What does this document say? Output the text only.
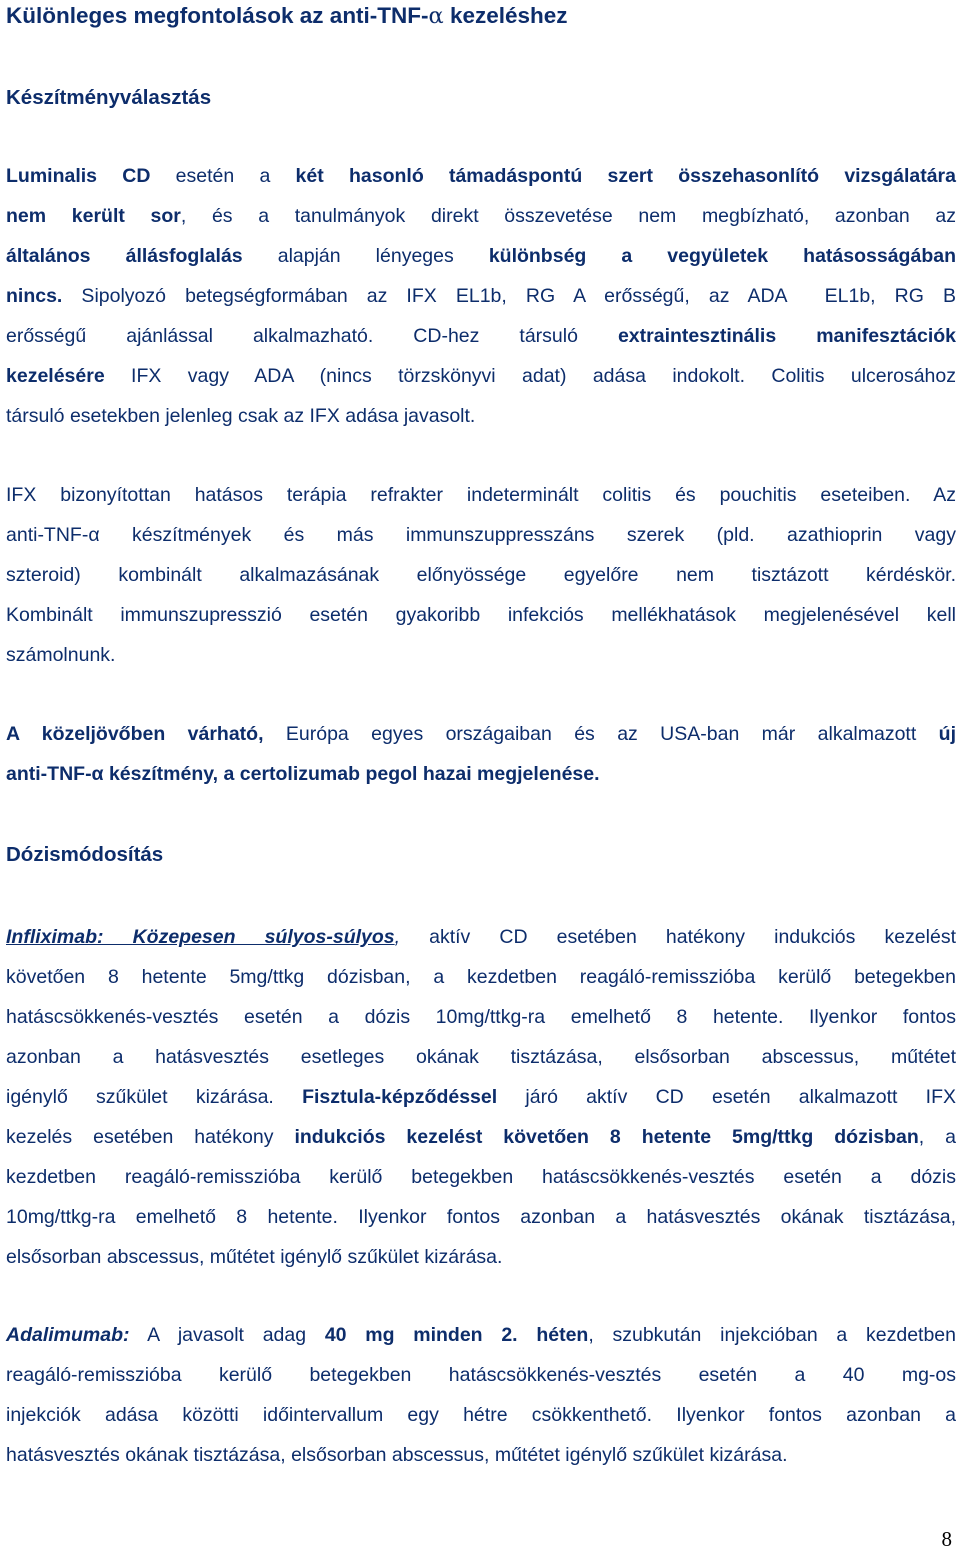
Különleges megfontolások az anti-TNF-α kezeléshez
Készítményválasztás
Luminalis CD esetén a két hasonló támadáspontú szert összehasonlító vizsgálatára
nem került sor, és a tanulmányok direkt összevetése nem megbízható, azonban az
általános állásfoglalás alapján lényeges különbség a vegyületek hatásosságában
nincs. Sipolyozó betegségformában az IFX EL1b, RG A erősségű, az ADA  EL1b, RG B
erősségű ajánlással alkalmazható. CD-hez társuló extraintesztinális manifesztációk
kezelésére IFX vagy ADA (nincs törzskönyvi adat) adása indokolt. Colitis ulcerosához
társuló esetekben jelenleg csak az IFX adása javasolt.
IFX bizonyítottan hatásos terápia refrakter indeterminált colitis és pouchitis eseteiben. Az
anti-TNF-α készítmények és más immunszuppresszáns szerek (pld. azathioprin vagy
szteroid) kombinált alkalmazásának előnyössége egyelőre nem tisztázott kérdéskör.
Kombinált immunszupresszió esetén gyakoribb infekciós mellékhatások megjelenésével kell
számolnunk.
A közeljövőben várható, Európa egyes országaiban és az USA-ban már alkalmazott új
anti-TNF-α készítmény, a certolizumab pegol hazai megjelenése.
Dózismódosítás
Infliximab: Közepesen súlyos-súlyos, aktív CD esetében hatékony indukciós kezelést
követően 8 hetente 5mg/ttkg dózisban, a kezdetben reagáló-remisszióba kerülő betegekben
hatáscsökkenés-vesztés esetén a dózis 10mg/ttkg-ra emelhető 8 hetente. Ilyenkor fontos
azonban a hatásvesztés esetleges okának tisztázása, elsősorban abscessus, műtétet
igénylő szűkület kizárása. Fisztula-képződéssel járó aktív CD esetén alkalmazott IFX
kezelés esetében hatékony indukciós kezelést követően 8 hetente 5mg/ttkg dózisban, a
kezdetben reagáló-remisszióba kerülő betegekben hatáscsökkenés-vesztés esetén a dózis
10mg/ttkg-ra emelhető 8 hetente. Ilyenkor fontos azonban a hatásvesztés okának tisztázása,
elsősorban abscessus, műtétet igénylő szűkület kizárása.
Adalimumab: A javasolt adag 40 mg minden 2. héten, szubkután injekcióban a kezdetben
reagáló-remisszióba kerülő betegekben hatáscsökkenés-vesztés esetén a 40 mg-os
injekciók adása közötti időintervallum egy hétre csökkenthető. Ilyenkor fontos azonban a
hatásvesztés okának tisztázása, elsősorban abscessus, műtétet igénylő szűkület kizárása.
8
